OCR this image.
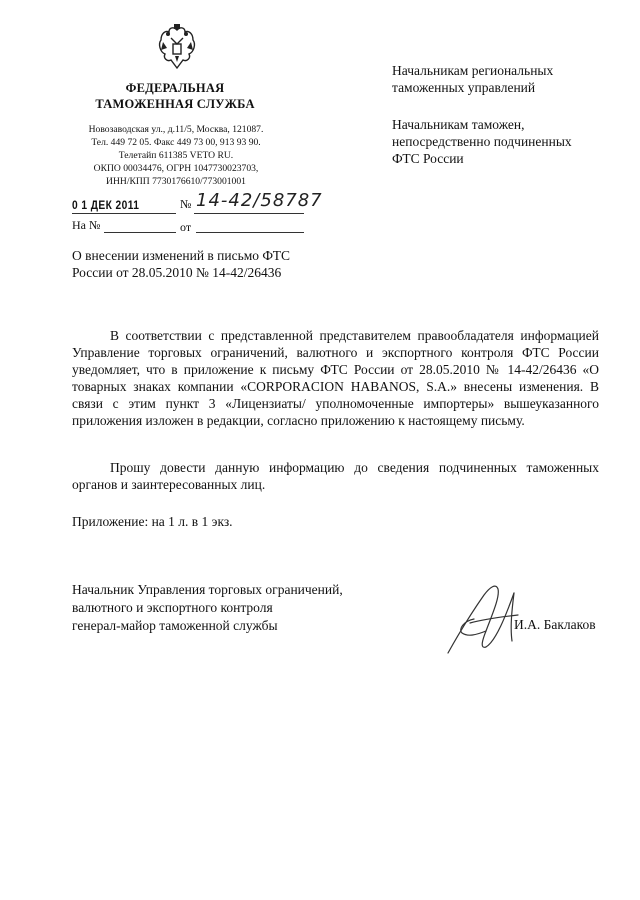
ФЕДЕРАЛЬНАЯ
ТАМОЖЕННАЯ СЛУЖБА
Новозаводская ул., д.11/5, Москва, 121087.
Тел. 449 72 05. Факс 449 73 00, 913 93 90.
Телетайп 611385 VETO RU.
ОКПО 00034476, ОГРН 1047730023703,
ИНН/КПП 7730176610/773001001
0 1 ДЕК 2011	№ 14-42/58787
На №	от
Начальникам региональных
таможенных управлений
Начальникам таможен,
непосредственно подчиненных
ФТС России
О внесении изменений в письмо ФТС
России от 28.05.2010 № 14-42/26436
В соответствии с представленной представителем правообладателя информацией Управление торговых ограничений, валютного и экспортного контроля ФТС России уведомляет, что в приложение к письму ФТС России от 28.05.2010 № 14-42/26436 «О товарных знаках компании «CORPORACION HABANOS, S.A.» внесены изменения. В связи с этим пункт 3 «Лицензиаты/ уполномоченные импортеры» вышеуказанного приложения изложен в редакции, согласно приложению к настоящему письму.
Прошу довести данную информацию до сведения подчиненных таможенных органов и заинтересованных лиц.
Приложение: на 1 л. в 1 экз.
Начальник Управления торговых ограничений,
валютного и экспортного контроля
генерал-майор таможенной службы	И.А. Баклаков
